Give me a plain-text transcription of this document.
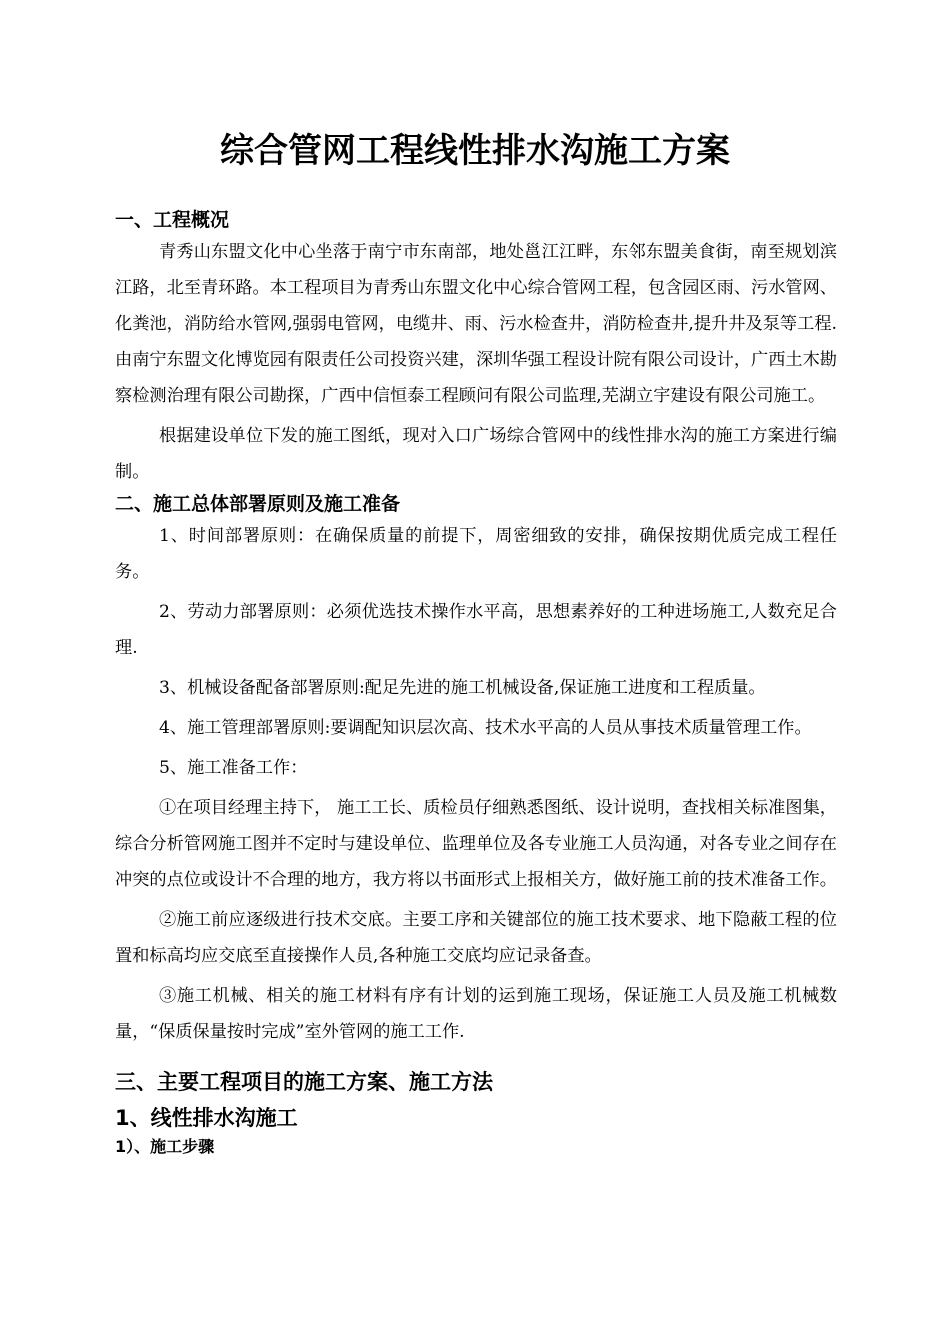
综合管网工程线性排水沟施工方案
一、工程概况

青秀山东盟文化中心坐落于南宁市东南部，地处邕江江畔，东邻东盟美食街，南至规划滨江路，北至青环路。本工程项目为青秀山东盟文化中心综合管网工程，包含园区雨、污水管网、化粪池，消防给水管网,强弱电管网，电缆井、雨、污水检查井，消防检查井,提升井及泵等工程.由南宁东盟文化博览园有限责任公司投资兴建，深圳华强工程设计院有限公司设计，广西土木勘察检测治理有限公司勘探，广西中信恒泰工程顾问有限公司监理,芜湖立宇建设有限公司施工。

根据建设单位下发的施工图纸，现对入口广场综合管网中的线性排水沟的施工方案进行编制。

二、施工总体部署原则及施工准备

1、时间部署原则：在确保质量的前提下，周密细致的安排，确保按期优质完成工程任务。

2、劳动力部署原则：必须优选技术操作水平高，思想素养好的工种进场施工,人数充足合理.

3、机械设备配备部署原则:配足先进的施工机械设备,保证施工进度和工程质量。

4、施工管理部署原则:要调配知识层次高、技术水平高的人员从事技术质量管理工作。

5、施工准备工作：

①在项目经理主持下， 施工工长、质检员仔细熟悉图纸、设计说明，查找相关标准图集，综合分析管网施工图并不定时与建设单位、监理单位及各专业施工人员沟通，对各专业之间存在冲突的点位或设计不合理的地方，我方将以书面形式上报相关方，做好施工前的技术准备工作。

②施工前应逐级进行技术交底。主要工序和关键部位的施工技术要求、地下隐蔽工程的位置和标高均应交底至直接操作人员,各种施工交底均应记录备查。

③施工机械、相关的施工材料有序有计划的运到施工现场，保证施工人员及施工机械数量，“保质保量按时完成”室外管网的施工工作.

三、主要工程项目的施工方案、施工方法
1、线性排水沟施工
1）、施工步骤
